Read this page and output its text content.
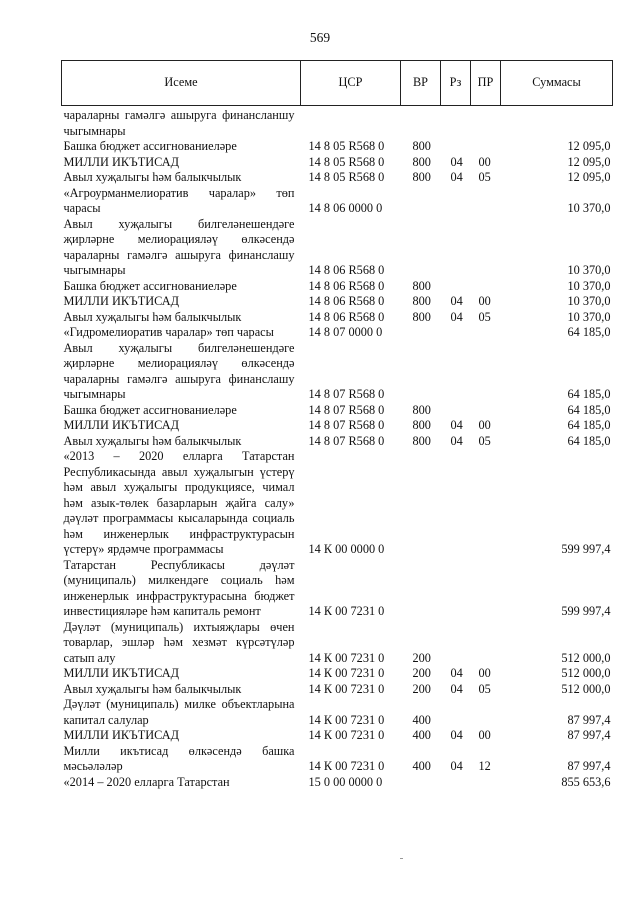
569
Исеме	ЦСР	ВР	Рз	ПР	Суммасы
чараларны гамәлгә ашыруга финансланшу чыгымнары					
Башка бюджет ассигнованиеләре	14 8 05 R568 0	800			12 095,0
МИЛЛИ ИКЪТИСАД	14 8 05 R568 0	800	04	00	12 095,0
Авыл хуҗалыгы һәм балыкчылык	14 8 05 R568 0	800	04	05	12 095,0
«Агроурманмелиоратив чаралар» төп чарасы	14 8 06 0000 0				10 370,0
Авыл хуҗалыгы билгеләнешендәге җирләрне мелиорацияләү өлкәсендә чараларны гамәлгә ашыруга финанслашу чыгымнары	14 8 06 R568 0				10 370,0
Башка бюджет ассигнованиеләре	14 8 06 R568 0	800			10 370,0
МИЛЛИ ИКЪТИСАД	14 8 06 R568 0	800	04	00	10 370,0
Авыл хуҗалыгы һәм балыкчылык	14 8 06 R568 0	800	04	05	10 370,0
«Гидромелиоратив чаралар» төп чарасы	14 8 07 0000 0				64 185,0
Авыл хуҗалыгы билгеләнешендәге җирләрне мелиорацияләү өлкәсендә чараларны гамәлгә ашыруга финанслашу чыгымнары	14 8 07 R568 0				64 185,0
Башка бюджет ассигнованиеләре	14 8 07 R568 0	800			64 185,0
МИЛЛИ ИКЪТИСАД	14 8 07 R568 0	800	04	00	64 185,0
Авыл хуҗалыгы һәм балыкчылык	14 8 07 R568 0	800	04	05	64 185,0
«2013 – 2020 елларга Татарстан Республикасында авыл хуҗалыгын үстерү һәм авыл хуҗалыгы продукциясе, чимал һәм азык-төлек базарларын җайга салу» дәүләт программасы кысаларында социаль һәм инженерлык инфраструктурасын үстерү» ярдәмче программасы	14 К 00 0000 0				599 997,4
Татарстан Республикасы дәүләт (муниципаль) милкендәге социаль һәм инженерлык инфраструктурасына бюджет инвестицияләре һәм капиталь ремонт	14 К 00 7231 0				599 997,4
Дәүләт (муниципаль) ихтыяҗлары өчен товарлар, эшләр һәм хезмәт күрсәтүләр сатып алу	14 К 00 7231 0	200			512 000,0
МИЛЛИ ИКЪТИСАД	14 К 00 7231 0	200	04	00	512 000,0
Авыл хуҗалыгы һәм балыкчылык	14 К 00 7231 0	200	04	05	512 000,0
Дәүләт (муниципаль) милке объектларына капитал салулар	14 К 00 7231 0	400			87 997,4
МИЛЛИ ИКЪТИСАД	14 К 00 7231 0	400	04	00	87 997,4
Милли икътисад өлкәсендә башка мәсьәләләр	14 К 00 7231 0	400	04	12	87 997,4
«2014 – 2020 елларга Татарстан	15 0 00 0000 0				855 653,6
